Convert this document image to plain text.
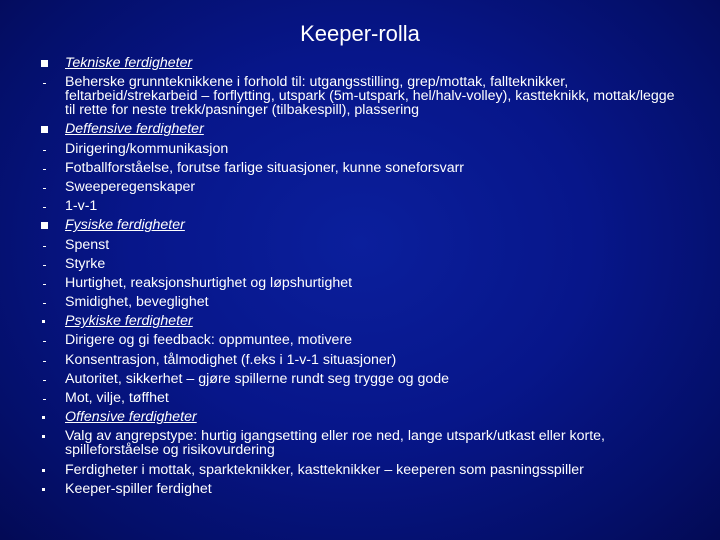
Keeper-rolla
Tekniske ferdigheter
Beherske grunnteknikkene i forhold til: utgangsstilling, grep/mottak, fallteknikker, feltarbeid/strekarbeid – forflytting, utspark (5m-utspark, hel/halv-volley), kastteknikk, mottak/legge til rette for neste trekk/pasninger (tilbakespill), plassering
Deffensive ferdigheter
Dirigering/kommunikasjon
Fotballforståelse, forutse farlige situasjoner, kunne soneforsvarr
Sweeperegenskaper
1-v-1
Fysiske ferdigheter
Spenst
Styrke
Hurtighet, reaksjonshurtighet og løpshurtighet
Smidighet, beveglighet
Psykiske ferdigheter
Dirigere og gi feedback: oppmuntee, motivere
Konsentrasjon, tålmodighet (f.eks i 1-v-1 situasjoner)
Autoritet, sikkerhet – gjøre spillerne rundt seg trygge og gode
Mot, vilje, tøffhet
Offensive ferdigheter
Valg av angrepstype: hurtig igangsetting eller roe ned, lange utspark/utkast eller korte, spilleforståelse og risikovurdering
Ferdigheter i mottak, sparkteknikker, kastteknikker – keeperen som pasningsspiller
Keeper-spiller ferdighet
